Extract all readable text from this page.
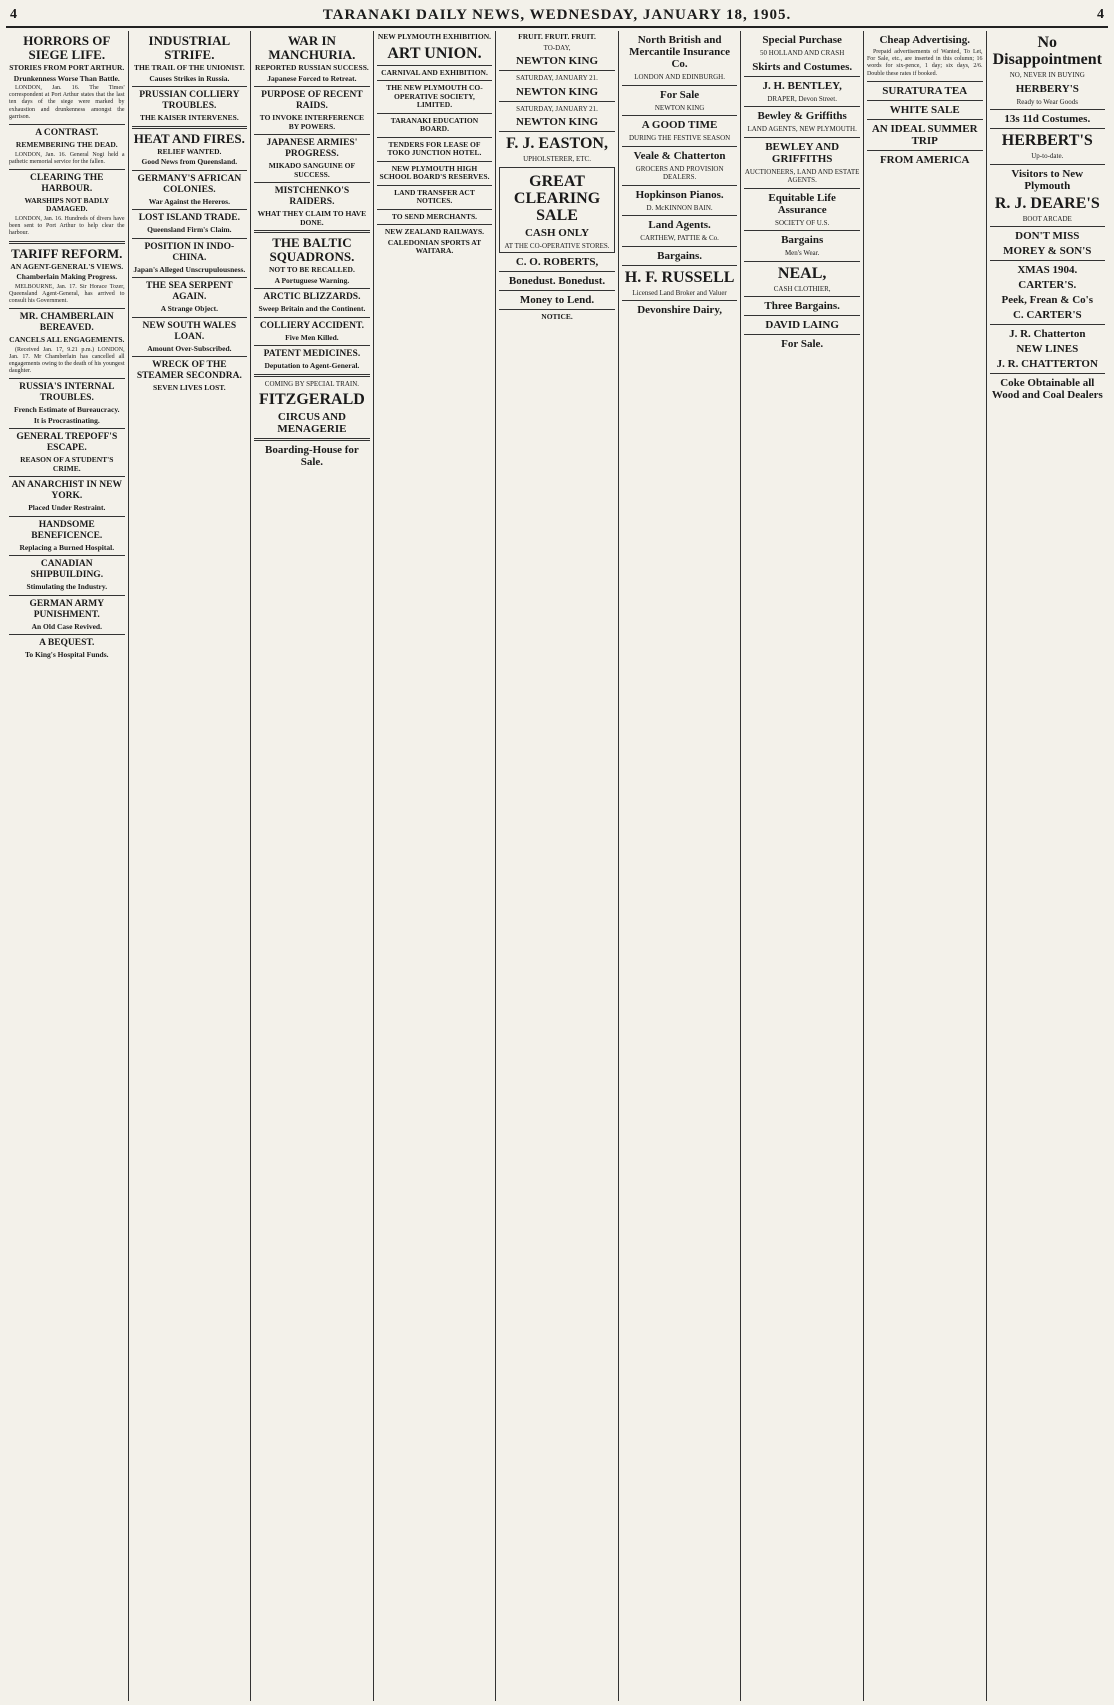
4	TARANAKI DAILY NEWS, WEDNESDAY, JANUARY 18, 1905.	4
HORRORS OF SIEGE LIFE.
STORIES FROM PORT ARTHUR.
Drunkenness Worse Than Battle.

LONDON, Jan. 16. The Times' correspondent at Port Arthur states that the last ten days of the siege were marked by exhaustion and drunkenness amongst the garrison.

A CONTRAST.
REMEMBERING THE DEAD.

LONDON, Jan. 16. General Nogi held a pathetic memorial service for the fallen.

CLEARING THE HARBOUR.
WARSHIPS NOT BADLY DAMAGED.

LONDON, Jan. 16. Hundreds of divers have been sent to Port Arthur to help clear the harbour.

TARIFF REFORM.
AN AGENT-GENERAL'S VIEWS.
Chamberlain Making Progress.

MELBOURNE, Jan. 17. Sir Horace Tozer, Queensland Agent-General, has arrived to consult his Government.

MR. CHAMBERLAIN BEREAVED.
CANCELS ALL ENGAGEMENTS.

(Received Jan. 17, 9.21 p.m.) LONDON, Jan. 17. Mr Chamberlain has cancelled all engagements owing to the death of his youngest daughter.

RUSSIA'S INTERNAL TROUBLES.
French Estimate of Bureaucracy.
It is Procrastinating.
GENERAL TREPOFF'S ESCAPE.
REASON OF A STUDENT'S CRIME.
AN ANARCHIST IN NEW YORK.
Placed Under Restraint.
HANDSOME BENEFICENCE.
Replacing a Burned Hospital.
CANADIAN SHIPBUILDING.
Stimulating the Industry.
GERMAN ARMY PUNISHMENT.
An Old Case Revived.
A BEQUEST.
To King's Hospital Funds.
INDUSTRIAL STRIFE.
THE TRAIL OF THE UNIONIST.
Causes Strikes in Russia.
PRUSSIAN COLLIERY TROUBLES.
THE KAISER INTERVENES.
HEAT AND FIRES.
RELIEF WANTED.
Good News from Queensland.
GERMANY'S AFRICAN COLONIES.
War Against the Hereros.
LOST ISLAND TRADE.
Queensland Firm's Claim.
POSITION IN INDO-CHINA.
Japan's Alleged Unscrupulousness.
THE SEA SERPENT AGAIN.
A Strange Object.
NEW SOUTH WALES LOAN.
Amount Over-Subscribed.
WRECK OF THE STEAMER SECONDRA.
SEVEN LIVES LOST.
WAR IN MANCHURIA.
REPORTED RUSSIAN SUCCESS.
Japanese Forced to Retreat.
PURPOSE OF RECENT RAIDS.
TO INVOKE INTERFERENCE BY POWERS.
JAPANESE ARMIES' PROGRESS.
MIKADO SANGUINE OF SUCCESS.
MISTCHENKO'S RAIDERS.
WHAT THEY CLAIM TO HAVE DONE.
THE BALTIC SQUADRONS.
NOT TO BE RECALLED.
A Portuguese Warning.
ARCTIC BLIZZARDS.
Sweep Britain and the Continent.
COLLIERY ACCIDENT.
Five Men Killed.
PATENT MEDICINES.
Deputation to Agent-General.
COMING BY SPECIAL TRAIN.
FITZGERALD
CIRCUS AND MENAGERIE
Boarding-House for Sale.
NEW PLYMOUTH EXHIBITION.
ART UNION.
CARNIVAL AND EXHIBITION.
THE NEW PLYMOUTH CO-OPERATIVE SOCIETY, LIMITED.
TARANAKI EDUCATION BOARD.
TENDERS FOR LEASE OF TOKO JUNCTION HOTEL.
NEW PLYMOUTH HIGH SCHOOL BOARD'S RESERVES.
LAND TRANSFER ACT NOTICES.
TO SEND MERCHANTS.
NEW ZEALAND RAILWAYS.
CALEDONIAN SPORTS AT WAITARA.
FRUIT. FRUIT. FRUIT.
TO-DAY,
NEWTON KING
SATURDAY, JANUARY 21.
NEWTON KING
SATURDAY, JANUARY 21.
NEWTON KING
F. J. EASTON,
UPHOLSTERER, ETC.
GREAT CLEARING SALE
CASH ONLY
AT THE CO-OPERATIVE STORES.
C. O. ROBERTS,
Bonedust. Bonedust.
Money to Lend.
NOTICE.
North British and Mercantile Insurance Co.
LONDON AND EDINBURGH.
For Sale
NEWTON KING
A GOOD TIME
DURING THE FESTIVE SEASON
Veale & Chatterton
GROCERS AND PROVISION DEALERS.
Hopkinson Pianos.
D. McKINNON BAIN.
Land Agents.
CARTHEW, PATTIE & Co.
Bargains.
H. F. RUSSELL
Licensed Land Broker and Valuer
Devonshire Dairy,
Special Purchase
50 HOLLAND AND CRASH
Skirts and Costumes.
J. H. BENTLEY,
DRAPER, Devon Street.
Bewley & Griffiths
LAND AGENTS, NEW PLYMOUTH.
BEWLEY AND GRIFFITHS
AUCTIONEERS, LAND AND ESTATE AGENTS.
Equitable Life Assurance
SOCIETY OF U.S.
Bargains
Men's Wear.
NEAL,
CASH CLOTHIER,
Three Bargains.
DAVID LAING
For Sale.
Cheap Advertising.

Prepaid advertisements of Wanted, To Let, For Sale, etc., are inserted in this column; 16 words for six-pence, 1 day; six days, 2/6. Double these rates if booked.

SURATURA TEA
WHITE SALE
AN IDEAL SUMMER TRIP
FROM AMERICA
No Disappointment
NO, NEVER IN BUYING
HERBERY'S
Ready to Wear Goods
13s 11d Costumes.
HERBERT'S
Up-to-date.
Visitors to New Plymouth
R. J. DEARE'S
BOOT ARCADE
DON'T MISS
MOREY & SON'S
XMAS 1904.
CARTER'S.
Peek, Frean & Co's
C. CARTER'S
J. R. Chatterton
NEW LINES
J. R. CHATTERTON
Coke Obtainable all Wood and Coal Dealers
